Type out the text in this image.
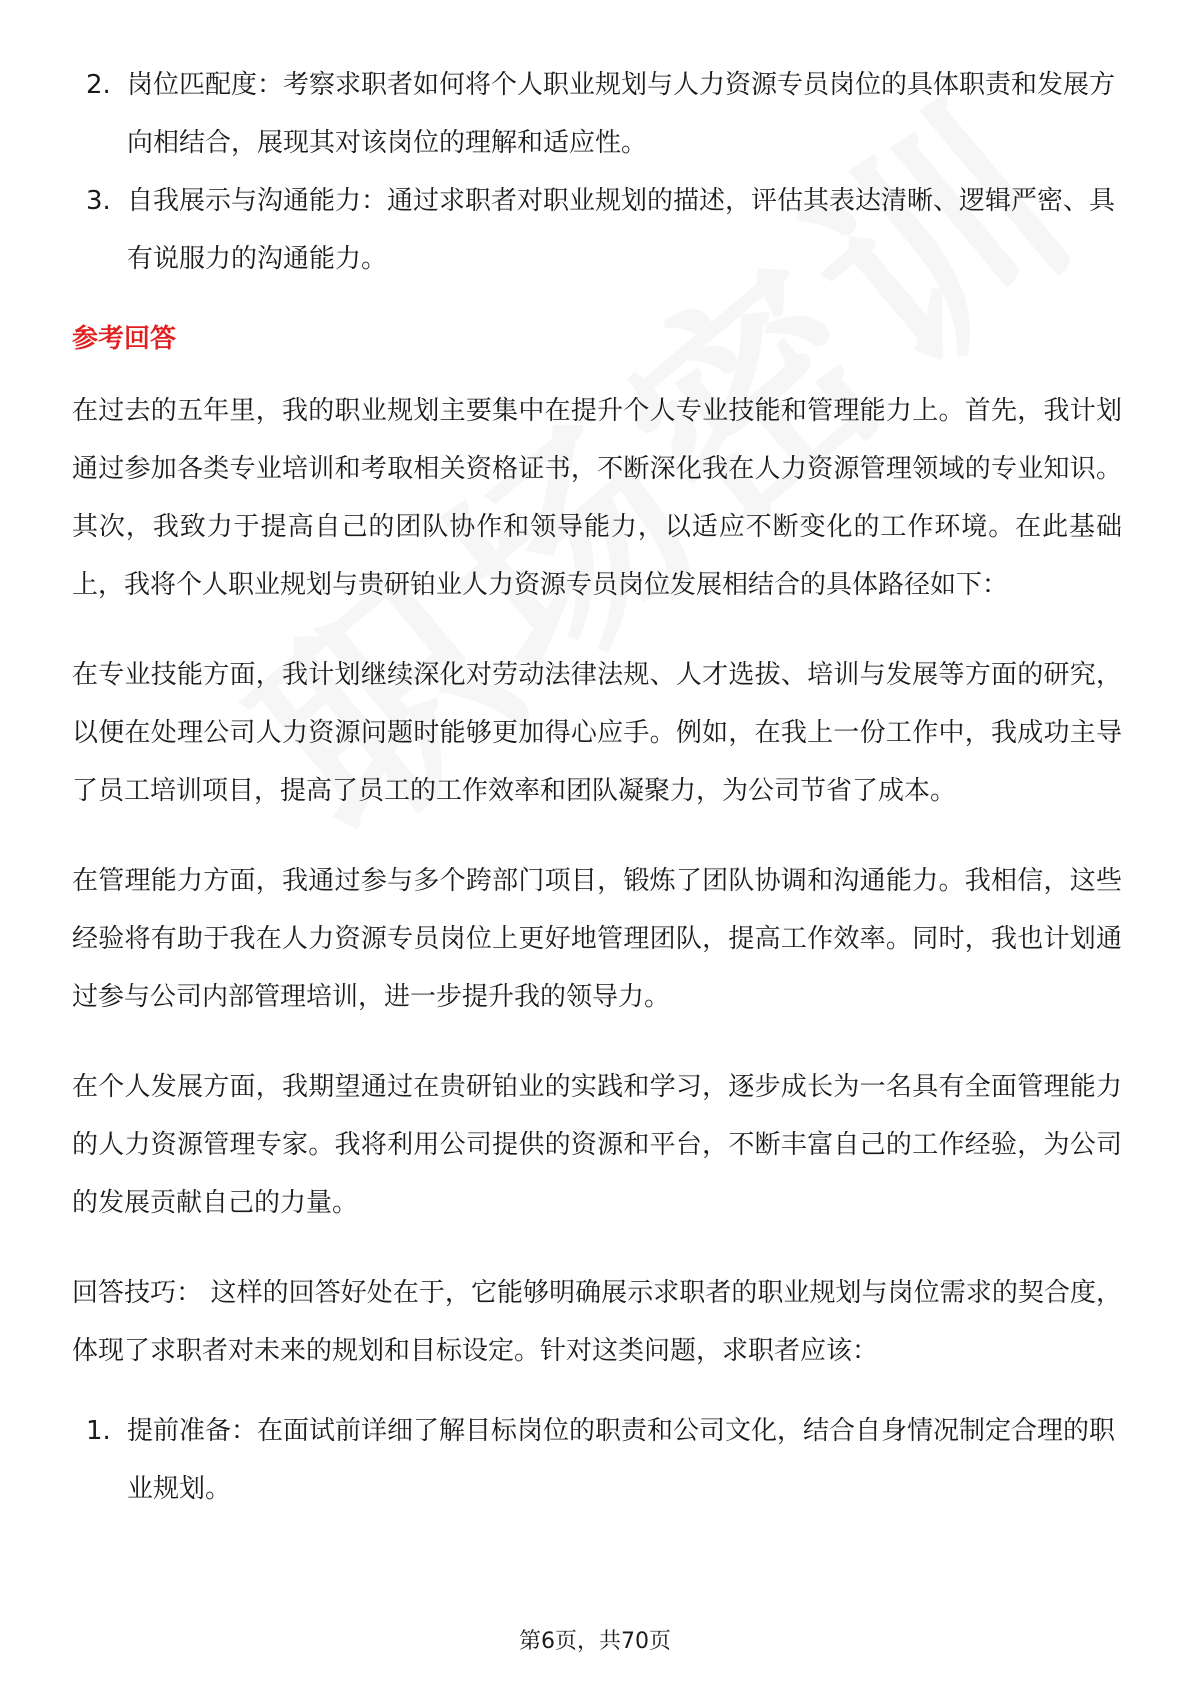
2. 岗位匹配度：考察求职者如何将个人职业规划与人力资源专员岗位的具体职责和发展方向相结合，展现其对该岗位的理解和适应性。
3. 自我展示与沟通能力：通过求职者对职业规划的描述，评估其表达清晰、逻辑严密、具有说服力的沟通能力。
参考回答

在过去的五年里，我的职业规划主要集中在提升个人专业技能和管理能力上。首先，我计划通过参加各类专业培训和考取相关资格证书，不断深化我在人力资源管理领域的专业知识。其次，我致力于提高自己的团队协作和领导能力，以适应不断变化的工作环境。在此基础上，我将个人职业规划与贵研铂业人力资源专员岗位发展相结合的具体路径如下：

在专业技能方面，我计划继续深化对劳动法律法规、人才选拔、培训与发展等方面的研究，以便在处理公司人力资源问题时能够更加得心应手。例如，在我上一份工作中，我成功主导了员工培训项目，提高了员工的工作效率和团队凝聚力，为公司节省了成本。

在管理能力方面，我通过参与多个跨部门项目，锻炼了团队协调和沟通能力。我相信，这些经验将有助于我在人力资源专员岗位上更好地管理团队，提高工作效率。同时，我也计划通过参与公司内部管理培训，进一步提升我的领导力。

在个人发展方面，我期望通过在贵研铂业的实践和学习，逐步成长为一名具有全面管理能力的人力资源管理专家。我将利用公司提供的资源和平台，不断丰富自己的工作经验，为公司的发展贡献自己的力量。

回答技巧： 这样的回答好处在于，它能够明确展示求职者的职业规划与岗位需求的契合度，体现了求职者对未来的规划和目标设定。针对这类问题，求职者应该：

1. 提前准备：在面试前详细了解目标岗位的职责和公司文化，结合自身情况制定合理的职业规划。
第6页，共70页
